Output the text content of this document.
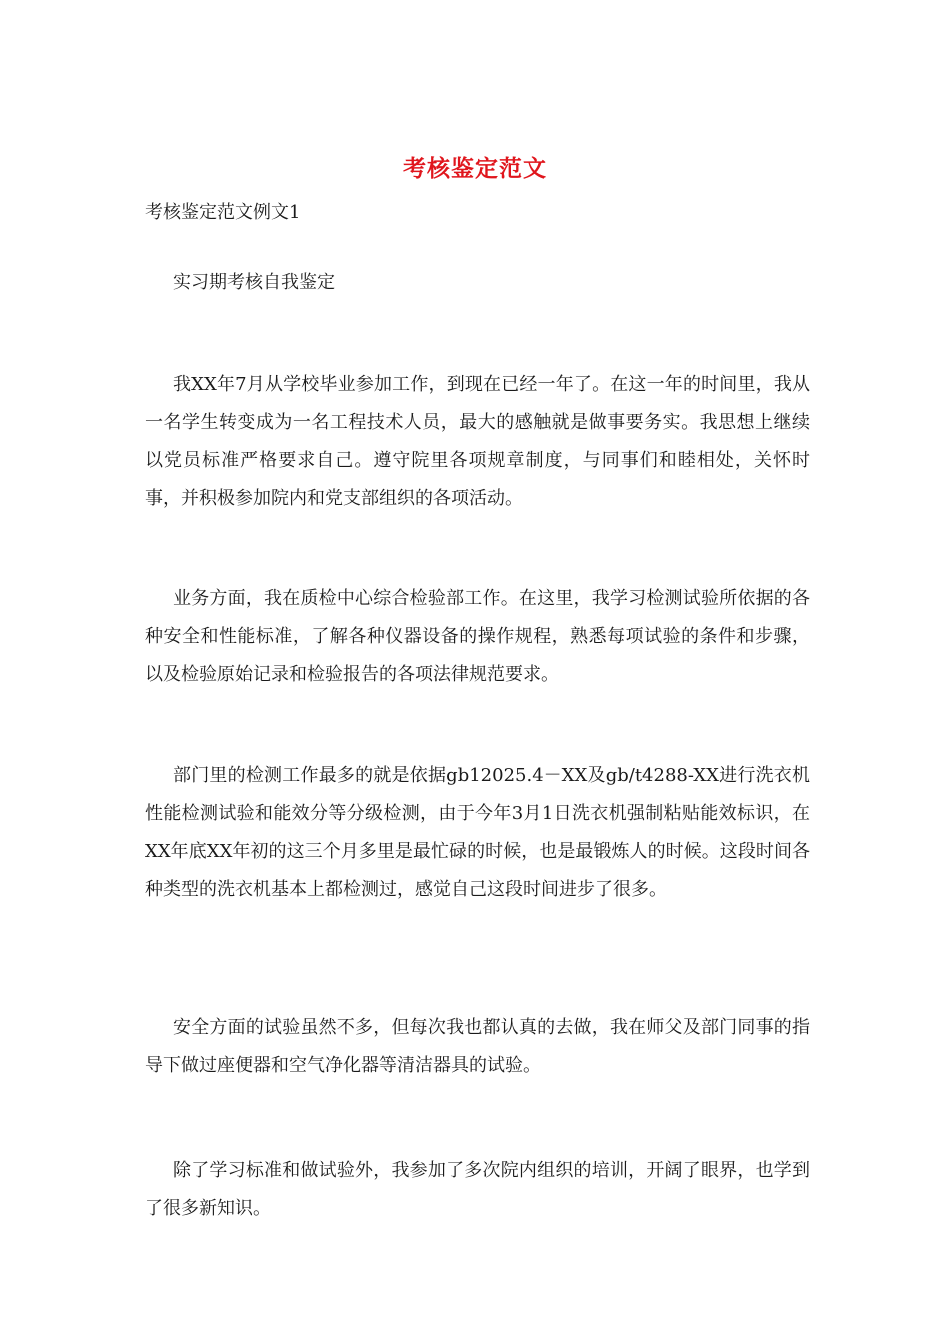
考核鉴定范文

考核鉴定范文例文1

实习期考核自我鉴定

我XX年7月从学校毕业参加工作，到现在已经一年了。在这一年的时间里，我从一名学生转变成为一名工程技术人员，最大的感触就是做事要务实。我思想上继续以党员标准严格要求自己。遵守院里各项规章制度，与同事们和睦相处，关怀时事，并积极参加院内和党支部组织的各项活动。

业务方面，我在质检中心综合检验部工作。在这里，我学习检测试验所依据的各种安全和性能标准，了解各种仪器设备的操作规程，熟悉每项试验的条件和步骤，以及检验原始记录和检验报告的各项法律规范要求。

部门里的检测工作最多的就是依据gb12025.4－XX及gb/t4288-XX进行洗衣机性能检测试验和能效分等分级检测，由于今年3月1日洗衣机强制粘贴能效标识，在XX年底XX年初的这三个月多里是最忙碌的时候，也是最锻炼人的时候。这段时间各种类型的洗衣机基本上都检测过，感觉自己这段时间进步了很多。

安全方面的试验虽然不多，但每次我也都认真的去做，我在师父及部门同事的指导下做过座便器和空气净化器等清洁器具的试验。

除了学习标准和做试验外，我参加了多次院内组织的培训，开阔了眼界，也学到了很多新知识。
